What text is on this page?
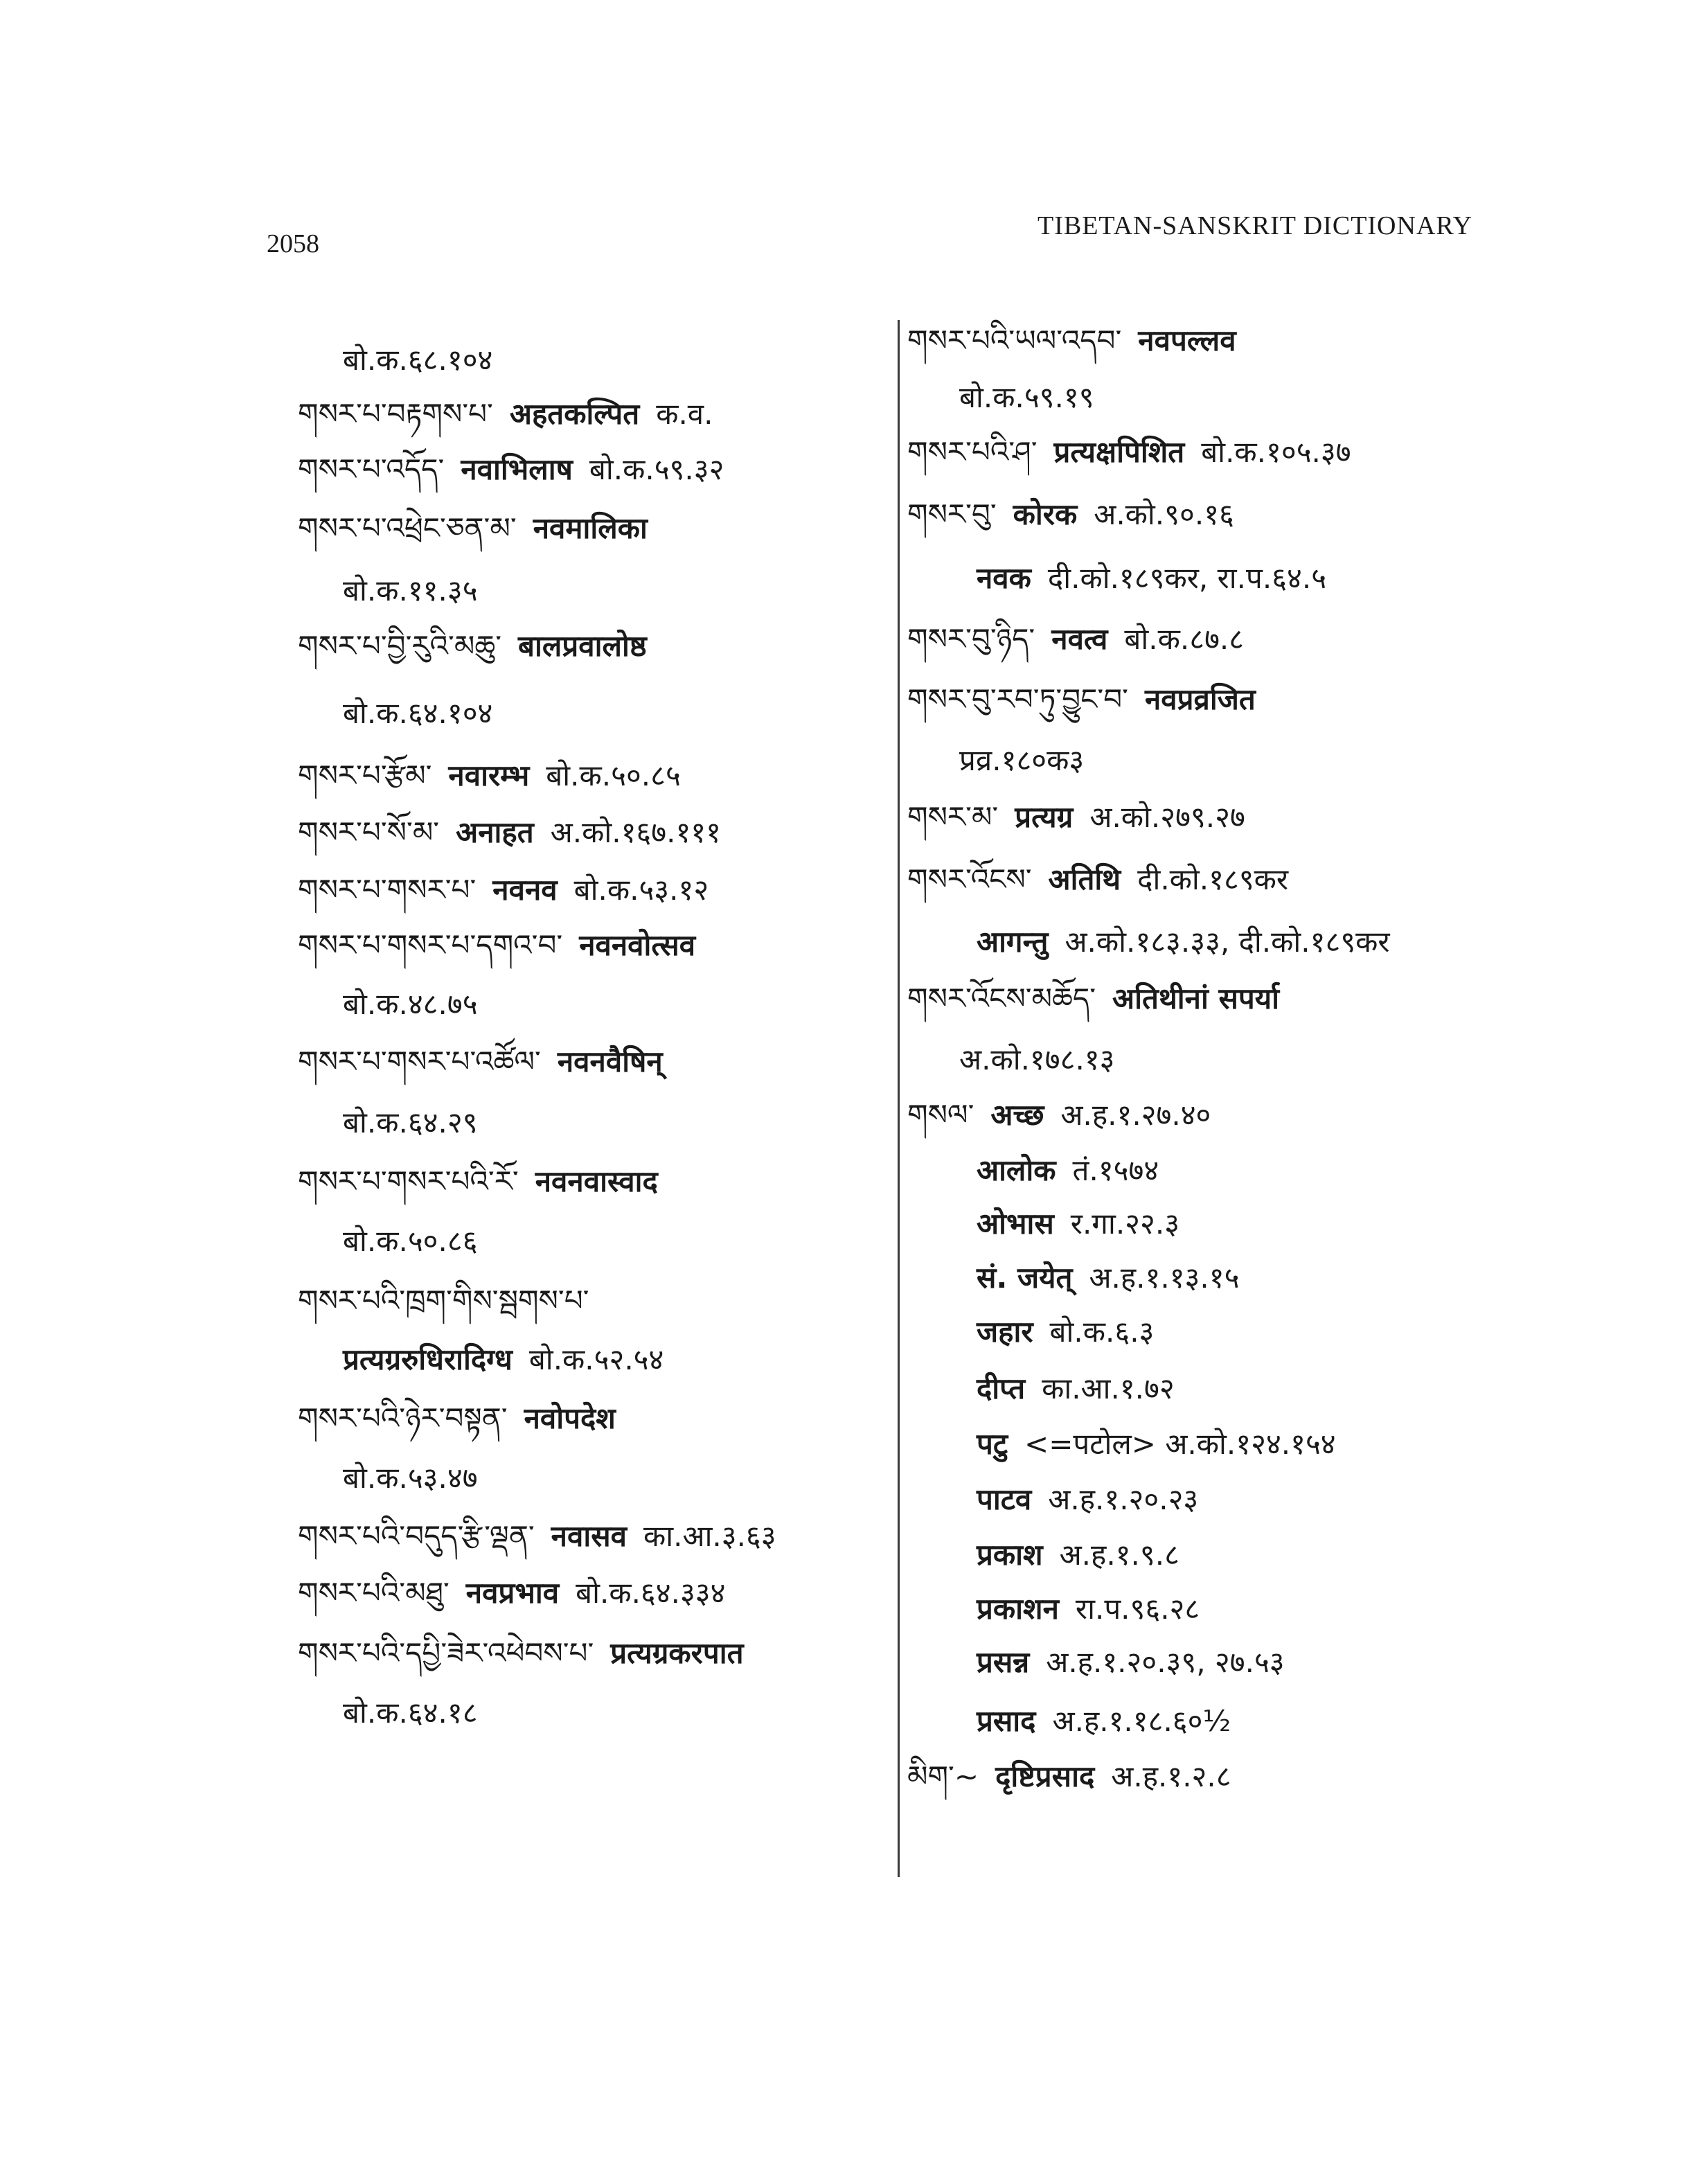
2058
TIBETAN-SANSKRIT DICTIONARY
बो.क.६८.१०४
གསར་པ་བརྟགས་པ་ अहतकल्पित क.व.
གསར་པ་འདོད་ नवाभिलाष बो.क.५९.३२
གསར་པ་འཕྲེང་ཅན་མ་ नवमालिका
बो.क.११.३५
གསར་པ་བྱི་རུའི་མཆུ་ बालप्रवालोष्ठ
बो.क.६४.१०४
གསར་པ་རྩོམ་ नवारम्भ बो.क.५०.८५
གསར་པ་སོ་མ་ अनाहत अ.को.१६७.१११
གསར་པ་གསར་པ་ नवनव बो.क.५३.१२
གསར་པ་གསར་པ་དགའ་བ་ नवनवोत्सव
बो.क.४८.७५
གསར་པ་གསར་པ་འཚོལ་ नवनवैषिन्
बो.क.६४.२९
གསར་པ་གསར་པའི་རོ་ नवनवास्वाद
बो.क.५०.८६
གསར་པའི་ཁྲག་གིས་སྦགས་པ་
प्रत्यग्ररुधिरादिग्ध बो.क.५२.५४
གསར་པའི་ཉེར་བསྟན་ नवोपदेश
बो.क.५३.४७
གསར་པའི་བདུད་རྩི་ལྡན་ नवासव का.आ.३.६३
གསར་པའི་མཐུ་ नवप्रभाव बो.क.६४.३३४
གསར་པའི་དཔྱི་ཟེར་འཕེབས་པ་ प्रत्यग्रकरपात
बो.क.६४.१८
གསར་པའི་ཡལ་འདབ་ नवपल्लव
बो.क.५९.१९
གསར་པའི་ཤ་ प्रत्यक्षपिशित बो.क.१०५.३७
གསར་བུ་ कोरक अ.को.९०.१६
नवक दी.को.१८९कर, रा.प.६४.५
གསར་བུ་ཉིད་ नवत्व बो.क.८७.८
གསར་བུ་རབ་ཏུ་བྱུང་བ་ नवप्रव्रजित
प्रव्र.१८०क३
གསར་མ་ प्रत्यग्र अ.को.२७९.२७
གསར་འོངས་ अतिथि दी.को.१८९कर
आगन्तु अ.को.१८३.३३, दी.को.१८९कर
གསར་འོངས་མཆོད་ अतिथीनां सपर्या
अ.को.१७८.१३
གསལ་ अच्छ अ.ह.१.२७.४०
आलोक तं.१५७४
ओभास र.गा.२२.३
सं. जयेत् अ.ह.१.१३.१५
जहार बो.क.६.३
दीप्त का.आ.१.७२
पटु <=पटोल> अ.को.१२४.१५४
पाटव अ.ह.१.२०.२३
प्रकाश अ.ह.१.९.८
प्रकाशन रा.प.९६.२८
प्रसन्न अ.ह.१.२०.३९, २७.५३
प्रसाद अ.ह.१.१८.६०½
མིག་~ दृष्टिप्रसाद अ.ह.१.२.८
